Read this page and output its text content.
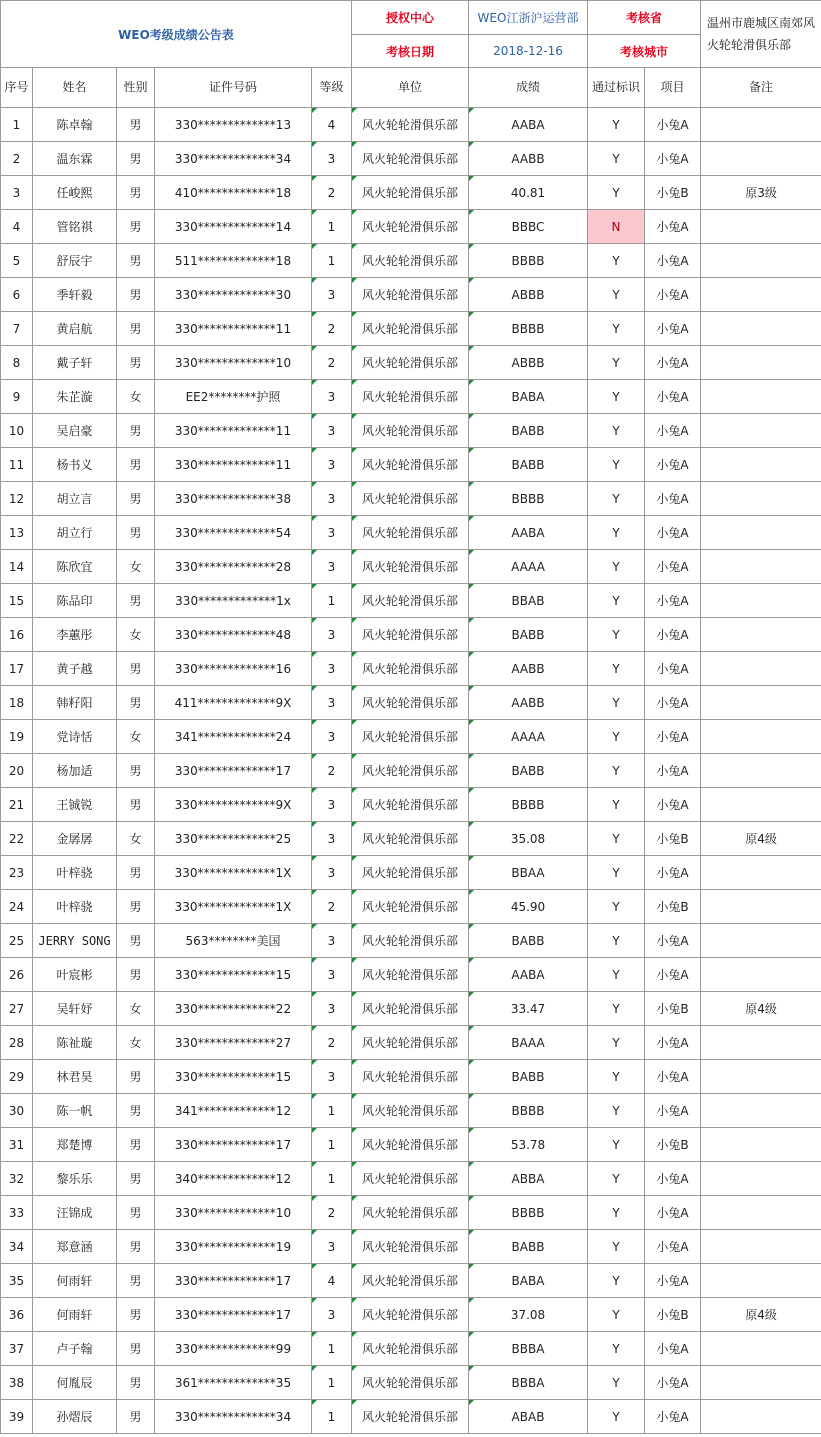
WEO考级成绩公告表					授权中心	WEO江浙沪运营部	考核省		温州市鹿城区南郊风火轮轮滑俱乐部
					考核日期	2018-12-16	考核城市		
序号	姓名	性别	证件号码	等级	单位	成绩	通过标识	项目	备注
1	陈卓翰	男	330*************13	4	风火轮轮滑俱乐部	AABA	Y	小兔A	
2	温东霖	男	330*************34	3	风火轮轮滑俱乐部	AABB	Y	小兔A	
3	任峻熙	男	410*************18	2	风火轮轮滑俱乐部	40.81	Y	小兔B	原3级
4	管铭祺	男	330*************14	1	风火轮轮滑俱乐部	BBBC	N	小兔A	
5	舒辰宇	男	511*************18	1	风火轮轮滑俱乐部	BBBB	Y	小兔A	
6	季轩毅	男	330*************30	3	风火轮轮滑俱乐部	ABBB	Y	小兔A	
7	黄启航	男	330*************11	2	风火轮轮滑俱乐部	BBBB	Y	小兔A	
8	戴子轩	男	330*************10	2	风火轮轮滑俱乐部	ABBB	Y	小兔A	
9	朱芷漩	女	EE2********护照	3	风火轮轮滑俱乐部	BABA	Y	小兔A	
10	吴启豪	男	330*************11	3	风火轮轮滑俱乐部	BABB	Y	小兔A	
11	杨书义	男	330*************11	3	风火轮轮滑俱乐部	BABB	Y	小兔A	
12	胡立言	男	330*************38	3	风火轮轮滑俱乐部	BBBB	Y	小兔A	
13	胡立行	男	330*************54	3	风火轮轮滑俱乐部	AABA	Y	小兔A	
14	陈欣宜	女	330*************28	3	风火轮轮滑俱乐部	AAAA	Y	小兔A	
15	陈品印	男	330*************1x	1	风火轮轮滑俱乐部	BBAB	Y	小兔A	
16	李蕙彤	女	330*************48	3	风火轮轮滑俱乐部	BABB	Y	小兔A	
17	黄子越	男	330*************16	3	风火轮轮滑俱乐部	AABB	Y	小兔A	
18	韩籽阳	男	411*************9X	3	风火轮轮滑俱乐部	AABB	Y	小兔A	
19	党诗恬	女	341*************24	3	风火轮轮滑俱乐部	AAAA	Y	小兔A	
20	杨加适	男	330*************17	2	风火轮轮滑俱乐部	BABB	Y	小兔A	
21	王铖锐	男	330*************9X	3	风火轮轮滑俱乐部	BBBB	Y	小兔A	
22	金孱孱	女	330*************25	3	风火轮轮滑俱乐部	35.08	Y	小兔B	原4级
23	叶梓骁	男	330*************1X	3	风火轮轮滑俱乐部	BBAA	Y	小兔A	
24	叶梓骁	男	330*************1X	2	风火轮轮滑俱乐部	45.90	Y	小兔B	
25	JERRY SONG	男	563********美国	3	风火轮轮滑俱乐部	BABB	Y	小兔A	
26	叶宸彬	男	330*************15	3	风火轮轮滑俱乐部	AABA	Y	小兔A	
27	吴轩妤	女	330*************22	3	风火轮轮滑俱乐部	33.47	Y	小兔B	原4级
28	陈祉璇	女	330*************27	2	风火轮轮滑俱乐部	BAAA	Y	小兔A	
29	林君昊	男	330*************15	3	风火轮轮滑俱乐部	BABB	Y	小兔A	
30	陈一帆	男	341*************12	1	风火轮轮滑俱乐部	BBBB	Y	小兔A	
31	郑楚博	男	330*************17	1	风火轮轮滑俱乐部	53.78	Y	小兔B	
32	黎乐乐	男	340*************12	1	风火轮轮滑俱乐部	ABBA	Y	小兔A	
33	汪锦成	男	330*************10	2	风火轮轮滑俱乐部	BBBB	Y	小兔A	
34	郑意涵	男	330*************19	3	风火轮轮滑俱乐部	BABB	Y	小兔A	
35	何雨轩	男	330*************17	4	风火轮轮滑俱乐部	BABA	Y	小兔A	
36	何雨轩	男	330*************17	3	风火轮轮滑俱乐部	37.08	Y	小兔B	原4级
37	卢子翰	男	330*************99	1	风火轮轮滑俱乐部	BBBA	Y	小兔A	
38	何胤辰	男	361*************35	1	风火轮轮滑俱乐部	BBBA	Y	小兔A	
39	孙熠辰	男	330*************34	1	风火轮轮滑俱乐部	ABAB	Y	小兔A	
